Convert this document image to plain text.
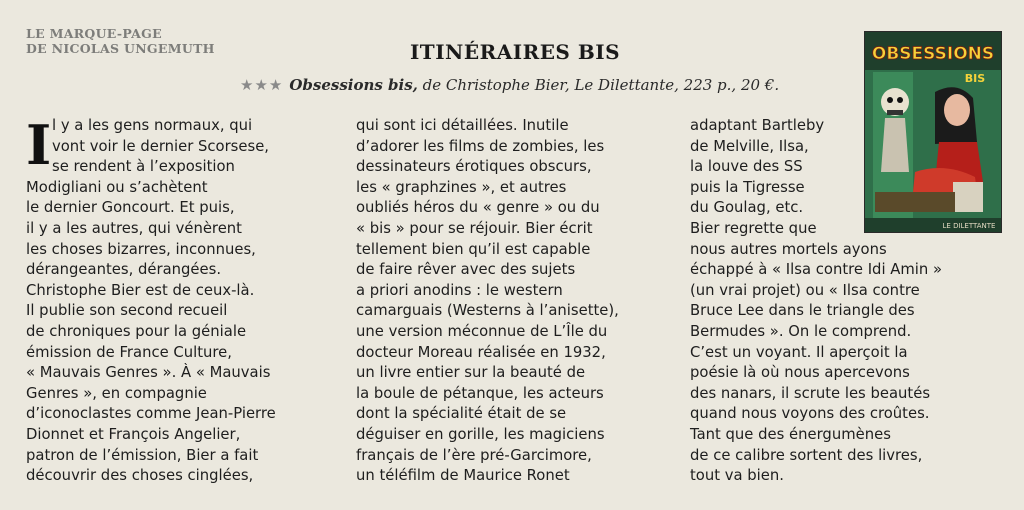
LE MARQUE-PAGE
DE NICOLAS UNGEMUTH	ITINÉRAIRES BIS
★★★ Obsessions bis, de Christophe Bier, Le Dilettante, 223 p., 20 €.
OBSESSIONS
BIS
LE DILETTANTE
I l y a les gens normaux, qui
vont voir le dernier Scorsese,
se rendent à l’exposition
Modigliani ou s’achètent
le dernier Goncourt. Et puis,
il y a les autres, qui vénèrent
les choses bizarres, inconnues,
dérangeantes, dérangées.
Christophe Bier est de ceux-là.
Il publie son second recueil
de chroniques pour la géniale
émission de France Culture,
« Mauvais Genres ». À « Mauvais
Genres », en compagnie
d’iconoclastes comme Jean-Pierre
Dionnet et François Angelier,
patron de l’émission, Bier a fait
découvrir des choses cinglées,
qui sont ici détaillées. Inutile
d’adorer les films de zombies, les
dessinateurs érotiques obscurs,
les « graphzines », et autres
oubliés héros du « genre » ou du
« bis » pour se réjouir. Bier écrit
tellement bien qu’il est capable
de faire rêver avec des sujets
a priori anodins : le western
camarguais (Westerns à l’anisette),
une version méconnue de L’Île du
docteur Moreau réalisée en 1932,
un livre entier sur la beauté de
la boule de pétanque, les acteurs
dont la spécialité était de se
déguiser en gorille, les magiciens
français de l’ère pré-Garcimore,
un téléfilm de Maurice Ronet
adaptant Bartleby
de Melville, Ilsa,
la louve des SS
puis la Tigresse
du Goulag, etc.
Bier regrette que
nous autres mortels ayons
échappé à « Ilsa contre Idi Amin »
(un vrai projet) ou « Ilsa contre
Bruce Lee dans le triangle des
Bermudes ». On le comprend.
C’est un voyant. Il aperçoit la
poésie là où nous apercevons
des nanars, il scrute les beautés
quand nous voyons des croûtes.
Tant que des énergumènes
de ce calibre sortent des livres,
tout va bien.
